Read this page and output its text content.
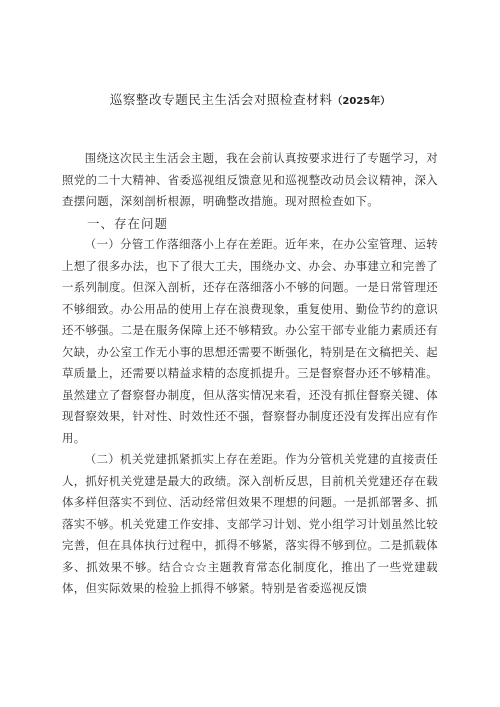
巡察整改专题民主生活会对照检查材料（2025年）

围绕这次民主生活会主题，我在会前认真按要求进行了专题学习，对照党的二十大精神、省委巡视组反馈意见和巡视整改动员会议精神，深入查摆问题，深刻剖析根源，明确整改措施。现对照检查如下。

一、存在问题

（一）分管工作落细落小上存在差距。近年来，在办公室管理、运转上想了很多办法，也下了很大工夫，围绕办文、办会、办事建立和完善了一系列制度。但深入剖析，还存在落细落小不够的问题。一是日常管理还不够细致。办公用品的使用上存在浪费现象，重复使用、勤俭节约的意识还不够强。二是在服务保障上还不够精致。办公室干部专业能力素质还有欠缺，办公室工作无小事的思想还需要不断强化，特别是在文稿把关、起草质量上，还需要以精益求精的态度抓提升。三是督察督办还不够精准。虽然建立了督察督办制度，但从落实情况来看，还没有抓住督察关键、体现督察效果，针对性、时效性还不强，督察督办制度还没有发挥出应有作用。

（二）机关党建抓紧抓实上存在差距。作为分管机关党建的直接责任人，抓好机关党建是最大的政绩。深入剖析反思，目前机关党建还存在载体多样但落实不到位、活动经常但效果不理想的问题。一是抓部署多、抓落实不够。机关党建工作安排、支部学习计划、党小组学习计划虽然比较完善，但在具体执行过程中，抓得不够紧，落实得不够到位。二是抓载体多、抓效果不够。结合☆☆主题教育常态化制度化，推出了一些党建载体，但实际效果的检验上抓得不够紧。特别是省委巡视反馈
